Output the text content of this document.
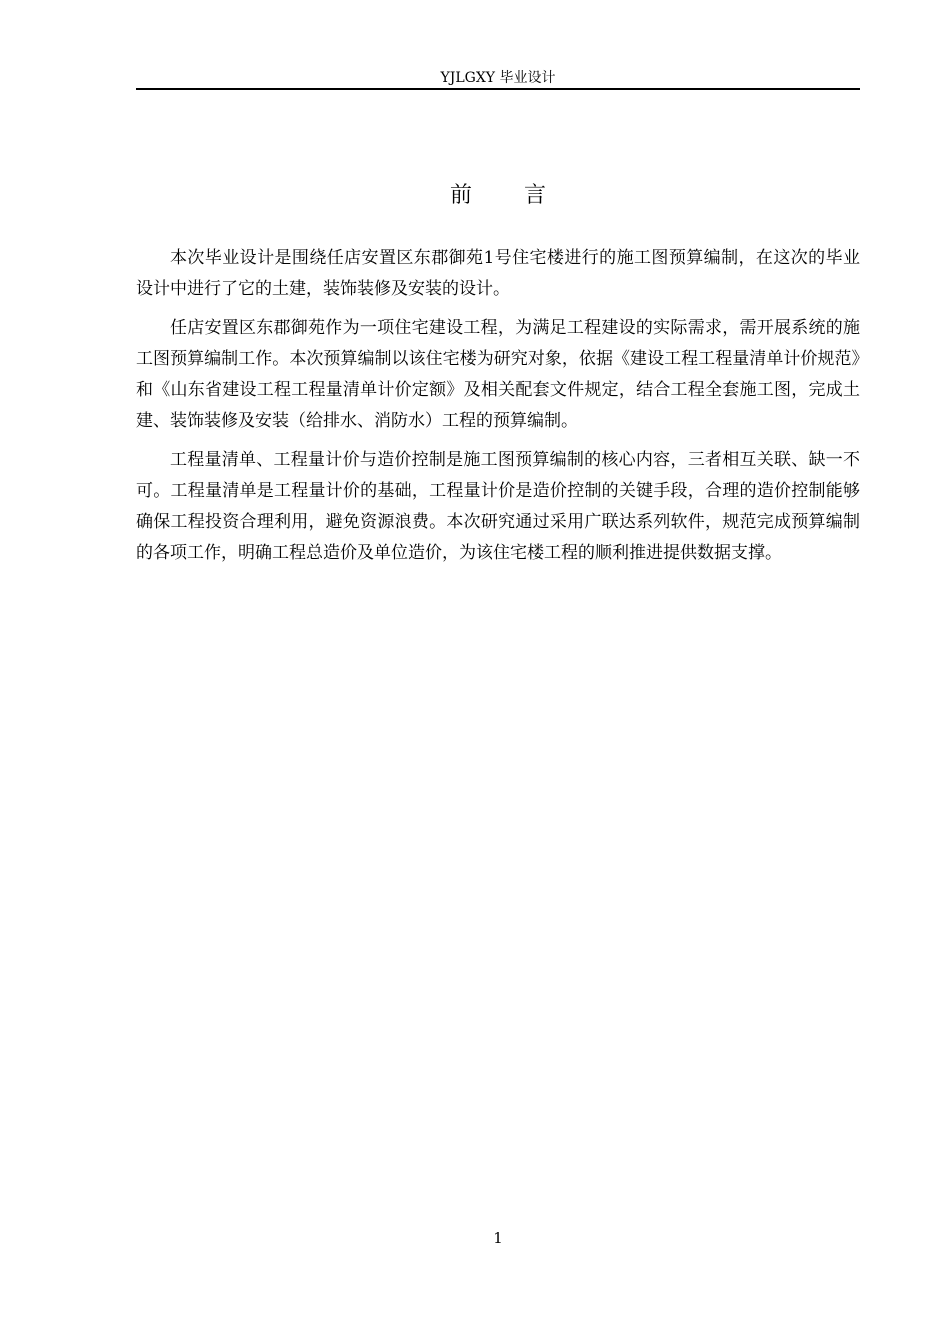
YJLGXY 毕业设计
前 言

本次毕业设计是围绕任店安置区东郡御苑1号住宅楼进行的施工图预算编制，在这次的毕业设计中进行了它的土建，装饰装修及安装的设计。

任店安置区东郡御苑作为一项住宅建设工程，为满足工程建设的实际需求，需开展系统的施工图预算编制工作。本次预算编制以该住宅楼为研究对象，依据《建设工程工程量清单计价规范》和《山东省建设工程工程量清单计价定额》及相关配套文件规定，结合工程全套施工图，完成土建、装饰装修及安装（给排水、消防水）工程的预算编制。

工程量清单、工程量计价与造价控制是施工图预算编制的核心内容，三者相互关联、缺一不可。工程量清单是工程量计价的基础，工程量计价是造价控制的关键手段，合理的造价控制能够确保工程投资合理利用，避免资源浪费。本次研究通过采用广联达系列软件，规范完成预算编制的各项工作，明确工程总造价及单位造价，为该住宅楼工程的顺利推进提供数据支撑。

1
